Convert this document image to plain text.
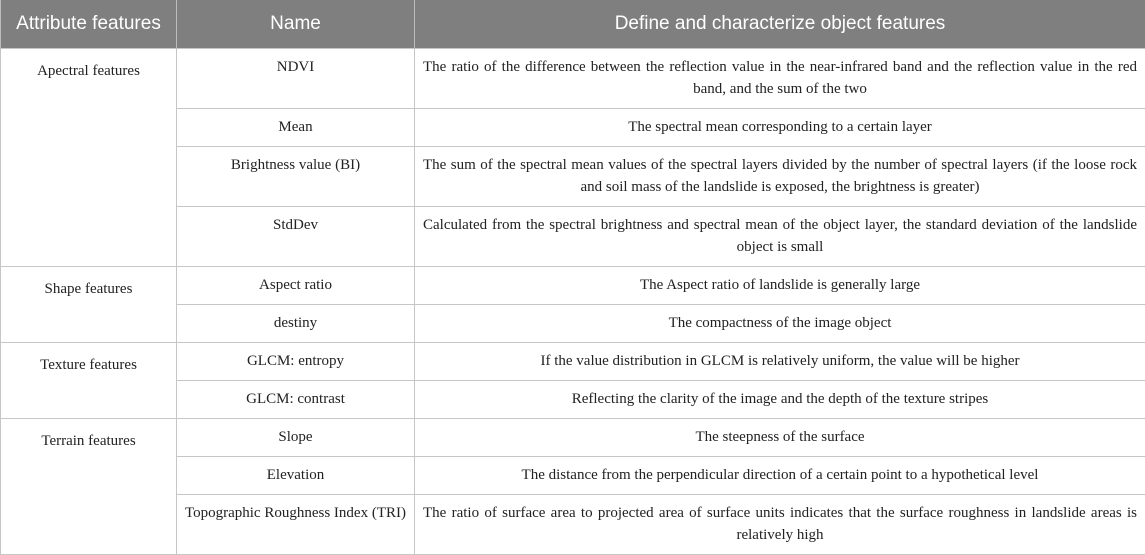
Attribute features	Name	Define and characterize object features
Apectral features	NDVI	The ratio of the difference between the reflection value in the near-infrared band and the reflection value in the red band, and the sum of the two
	Mean	The spectral mean corresponding to a certain layer
	Brightness value (BI)	The sum of the spectral mean values of the spectral layers divided by the number of spectral layers (if the loose rock and soil mass of the landslide is exposed, the brightness is greater)
	StdDev	Calculated from the spectral brightness and spectral mean of the object layer, the standard deviation of the landslide object is small
Shape features	Aspect ratio	The Aspect ratio of landslide is generally large
	destiny	The compactness of the image object
Texture features	GLCM: entropy	If the value distribution in GLCM is relatively uniform, the value will be higher
	GLCM: contrast	Reflecting the clarity of the image and the depth of the texture stripes
Terrain features	Slope	The steepness of the surface
	Elevation	The distance from the perpendicular direction of a certain point to a hypothetical level
	Topographic Roughness Index (TRI)	The ratio of surface area to projected area of surface units indicates that the surface roughness in landslide areas is relatively high
